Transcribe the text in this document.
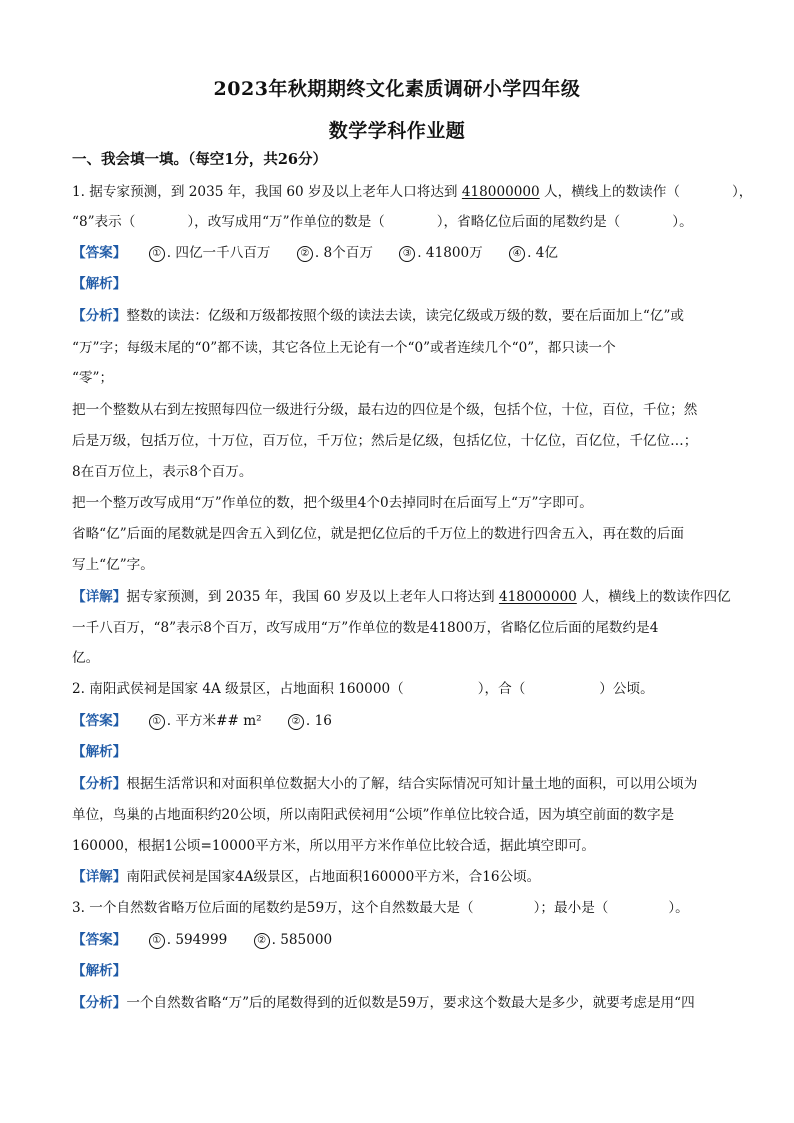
2023年秋期期终文化素质调研小学四年级
数学学科作业题
一、我会填一填。（每空1分，共26分）
1. 据专家预测，到 2035 年，我国 60 岁及以上老年人口将达到 418000000 人，横线上的数读作（	），
“8”表示（	），改写成用“万”作单位的数是（	），省略亿位后面的尾数约是（	）。
【答案】	① . 四亿一千八百万	② . 8个百万	③ . 41800万	④ . 4亿
【解析】
【分析】整数的读法：亿级和万级都按照个级的读法去读，读完亿级或万级的数，要在后面加上“亿”或
“万”字；每级末尾的“0”都不读，其它各位上无论有一个“0”或者连续几个“0”，都只读一个
“零”；
把一个整数从右到左按照每四位一级进行分级，最右边的四位是个级，包括个位，十位，百位，千位；然
后是万级，包括万位，十万位，百万位，千万位；然后是亿级，包括亿位，十亿位，百亿位，千亿位…；
8在百万位上，表示8个百万。
把一个整万改写成用“万”作单位的数，把个级里4个0去掉同时在后面写上“万”字即可。
省略“亿”后面的尾数就是四舍五入到亿位，就是把亿位后的千万位上的数进行四舍五入，再在数的后面
写上“亿”字。
【详解】据专家预测，到 2035 年，我国 60 岁及以上老年人口将达到 418000000 人，横线上的数读作四亿
一千八百万，“8”表示8个百万，改写成用“万”作单位的数是41800万，省略亿位后面的尾数约是4
亿。
2. 南阳武侯祠是国家 4A 级景区，占地面积 160000（	），合（	）公顷。
【答案】	① . 平方米## m²	② . 16
【解析】
【分析】根据生活常识和对面积单位数据大小的了解，结合实际情况可知计量土地的面积，可以用公顷为
单位，鸟巢的占地面积约20公顷，所以南阳武侯祠用“公顷”作单位比较合适，因为填空前面的数字是
160000，根据1公顷=10000平方米，所以用平方米作单位比较合适，据此填空即可。
【详解】南阳武侯祠是国家4A级景区，占地面积160000平方米，合16公顷。
3. 一个自然数省略万位后面的尾数约是59万，这个自然数最大是（	）；最小是（	）。
【答案】	① . 594999	② . 585000
【解析】
【分析】一个自然数省略“万”后的尾数得到的近似数是59万，要求这个数最大是多少，就要考虑是用“四
